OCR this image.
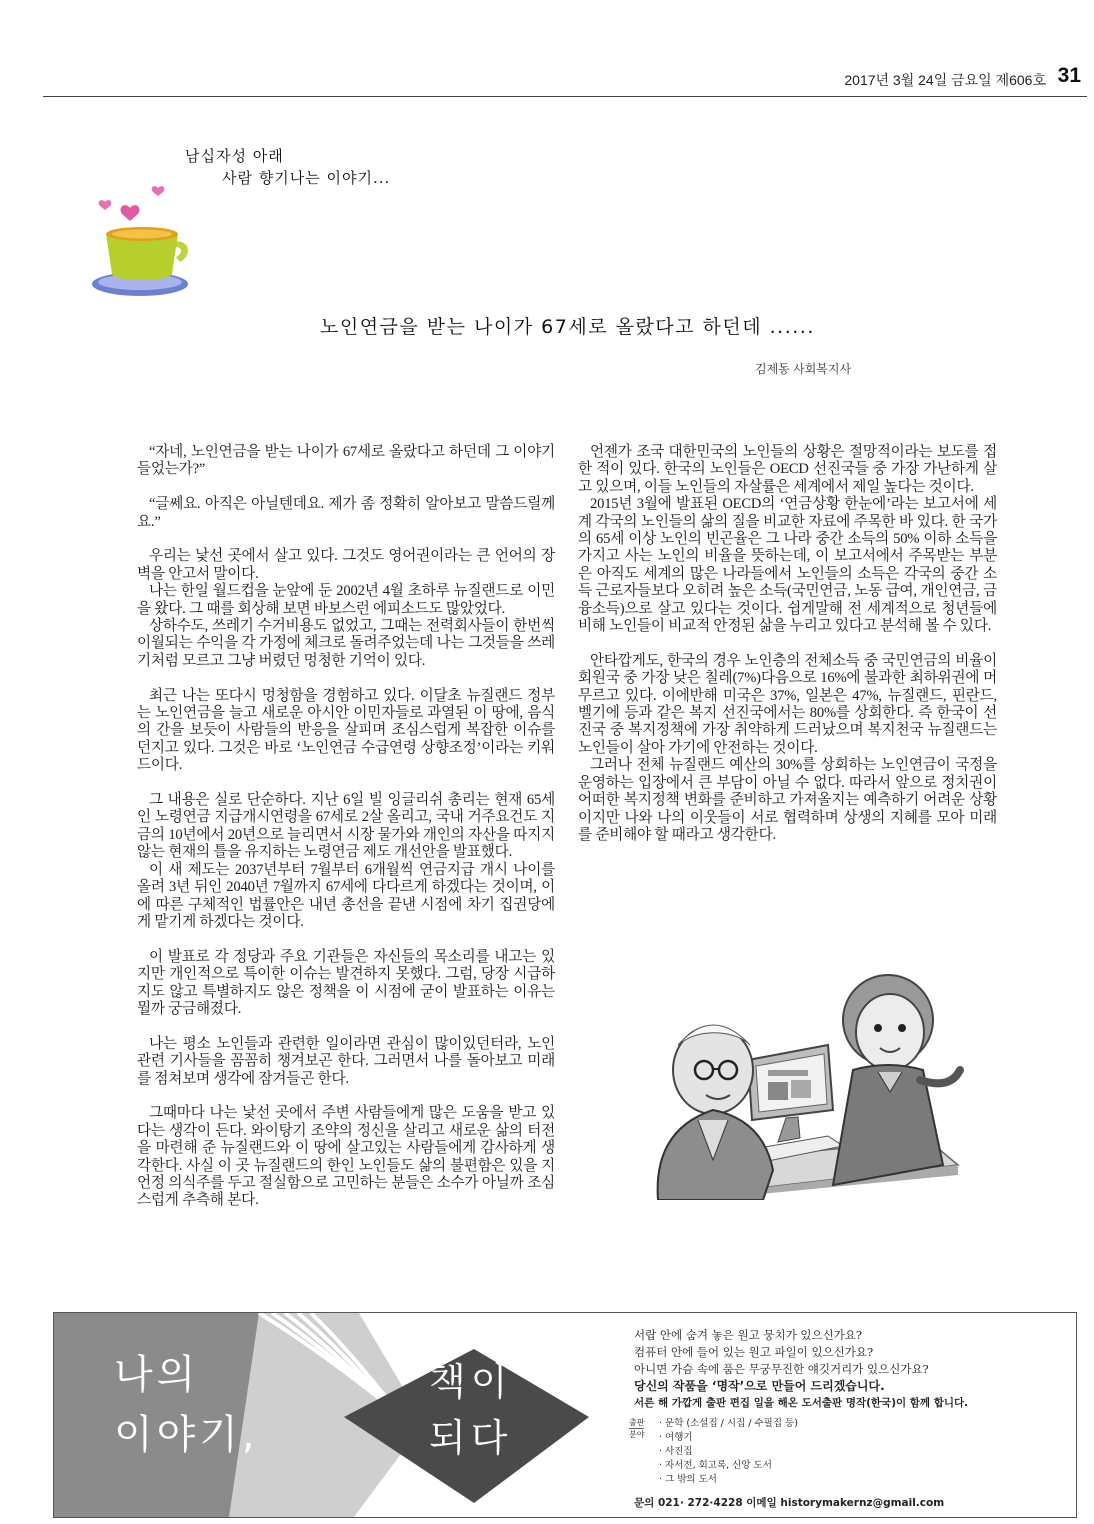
2017년 3월 24일 금요일 제606호 31
남십자성 아래
사람 향기나는 이야기...
노인연금을 받는 나이가 67세로 올랐다고 하던데 ......
김제동 사회복지사

“자네, 노인연금을 받는 나이가 67세로 올랐다고 하던데 그 이야기 들었는가?”

“글쎄요. 아직은 아닐텐데요. 제가 좀 정확히 알아보고 말씀드릴께요.”

우리는 낯선 곳에서 살고 있다. 그것도 영어권이라는 큰 언어의 장벽을 안고서 말이다.

나는 한일 월드컵을 눈앞에 둔 2002년 4월 초하루 뉴질랜드로 이민을 왔다. 그 때를 회상해 보면 바보스런 에피소드도 많았었다.

상하수도, 쓰레기 수거비용도 없었고, 그때는 전력회사들이 한번씩 이월되는 수익을 각 가정에 체크로 돌려주었는데 나는 그것들을 쓰레기처럼 모르고 그냥 버렸던 멍청한 기억이 있다.

최근 나는 또다시 멍청함을 경험하고 있다. 이달초 뉴질랜드 정부는 노인연금을 늘고 새로운 아시안 이민자들로 과열된 이 땅에, 음식의 간을 보듯이 사람들의 반응을 살피며 조심스럽게 복잡한 이슈를 던지고 있다. 그것은 바로 ‘노인연금 수급연령 상향조정’이라는 키워드이다.

그 내용은 실로 단순하다. 지난 6일 빌 잉글리쉬 총리는 현재 65세인 노령연금 지급개시연령을 67세로 2살 올리고, 국내 거주요건도 지금의 10년에서 20년으로 늘리면서 시장 물가와 개인의 자산을 따지지않는 현재의 틀을 유지하는 노령연금 제도 개선안을 발표했다.

이 새 제도는 2037년부터 7월부터 6개월씩 연금지급 개시 나이를 올려 3년 뒤인 2040년 7월까지 67세에 다다르게 하겠다는 것이며, 이에 따른 구체적인 법률안은 내년 총선을 끝낸 시점에 차기 집권당에게 맡기게 하겠다는 것이다.

이 발표로 각 정당과 주요 기관들은 자신들의 목소리를 내고는 있지만 개인적으로 특이한 이슈는 발견하지 못했다. 그럼, 당장 시급하지도 않고 특별하지도 않은 정책을 이 시점에 굳이 발표하는 이유는 뭘까 궁금해졌다.

나는 평소 노인들과 관련한 일이라면 관심이 많이있던터라, 노인 관련 기사들을 꼼꼼히 챙겨보곤 한다. 그러면서 나를 돌아보고 미래를 점쳐보며 생각에 잠겨들곤 한다.

그때마다 나는 낯선 곳에서 주변 사람들에게 많은 도움을 받고 있다는 생각이 든다. 와이탕기 조약의 정신을 살리고 새로운 삶의 터전을 마련해 준 뉴질랜드와 이 땅에 살고있는 사람들에게 감사하게 생각한다. 사실 이 곳 뉴질랜드의 한인 노인들도 삶의 불편함은 있을 지언정 의식주를 두고 절실함으로 고민하는 분들은 소수가 아닐까 조심스럽게 추측해 본다.

언젠가 조국 대한민국의 노인들의 상황은 절망적이라는 보도를 접한 적이 있다. 한국의 노인들은 OECD 선진국들 중 가장 가난하게 살고 있으며, 이들 노인들의 자살률은 세계에서 제일 높다는 것이다.

2015년 3월에 발표된 OECD의 ‘연금상황 한눈에’라는 보고서에 세계 각국의 노인들의 삶의 질을 비교한 자료에 주목한 바 있다. 한 국가의 65세 이상 노인의 빈곤율은 그 나라 중간 소득의 50% 이하 소득을 가지고 사는 노인의 비율을 뜻하는데, 이 보고서에서 주목받는 부분은 아직도 세계의 많은 나라들에서 노인들의 소득은 각국의 중간 소득 근로자들보다 오히려 높은 소득(국민연금, 노동 급여, 개인연금, 금융소득)으로 살고 있다는 것이다. 쉽게말해 전 세계적으로 청년들에 비해 노인들이 비교적 안정된 삶을 누리고 있다고 분석해 볼 수 있다.

안타깝게도, 한국의 경우 노인층의 전체소득 중 국민연금의 비율이 회원국 중 가장 낮은 칠레(7%)다음으로 16%에 불과한 최하위권에 머무르고 있다. 이에반해 미국은 37%, 일본은 47%, 뉴질랜드, 핀란드, 벨기에 등과 같은 복지 선진국에서는 80%를 상회한다. 즉 한국이 선진국 중 복지정책에 가장 취약하게 드러났으며 복지천국 뉴질랜드는 노인들이 살아 가기에 안전하는 것이다.

그러나 전체 뉴질랜드 예산의 30%를 상회하는 노인연금이 국정을 운영하는 입장에서 큰 부담이 아닐 수 없다. 따라서 앞으로 정치권이 어떠한 복지정책 변화를 준비하고 가져올지는 예측하기 어려운 상황이지만 나와 나의 이웃들이 서로 협력하며 상생의 지혜를 모아 미래를 준비해야 할 때라고 생각한다.

나의
이야기,
책이
되다
서랍 안에 숨겨 놓은 원고 뭉치가 있으신가요?
컴퓨터 안에 들어 있는 원고 파일이 있으신가요?
아니면 가슴 속에 품은 무궁무진한 얘깃거리가 있으신가요?
당신의 작품을 ‘명작’으로 만들어 드리겠습니다.
서른 해 가깝게 출판 편집 일을 해온 도서출판 명작(한국)이 함께 합니다.
출판
분야
· 문학 (소설집 / 시집 / 수필집 등)
· 여행기
· 사진집
· 자서전, 회고록, 신앙 도서
· 그 밖의 도서
문의 021· 272·4228 이메일 historymakernz@gmail.com
